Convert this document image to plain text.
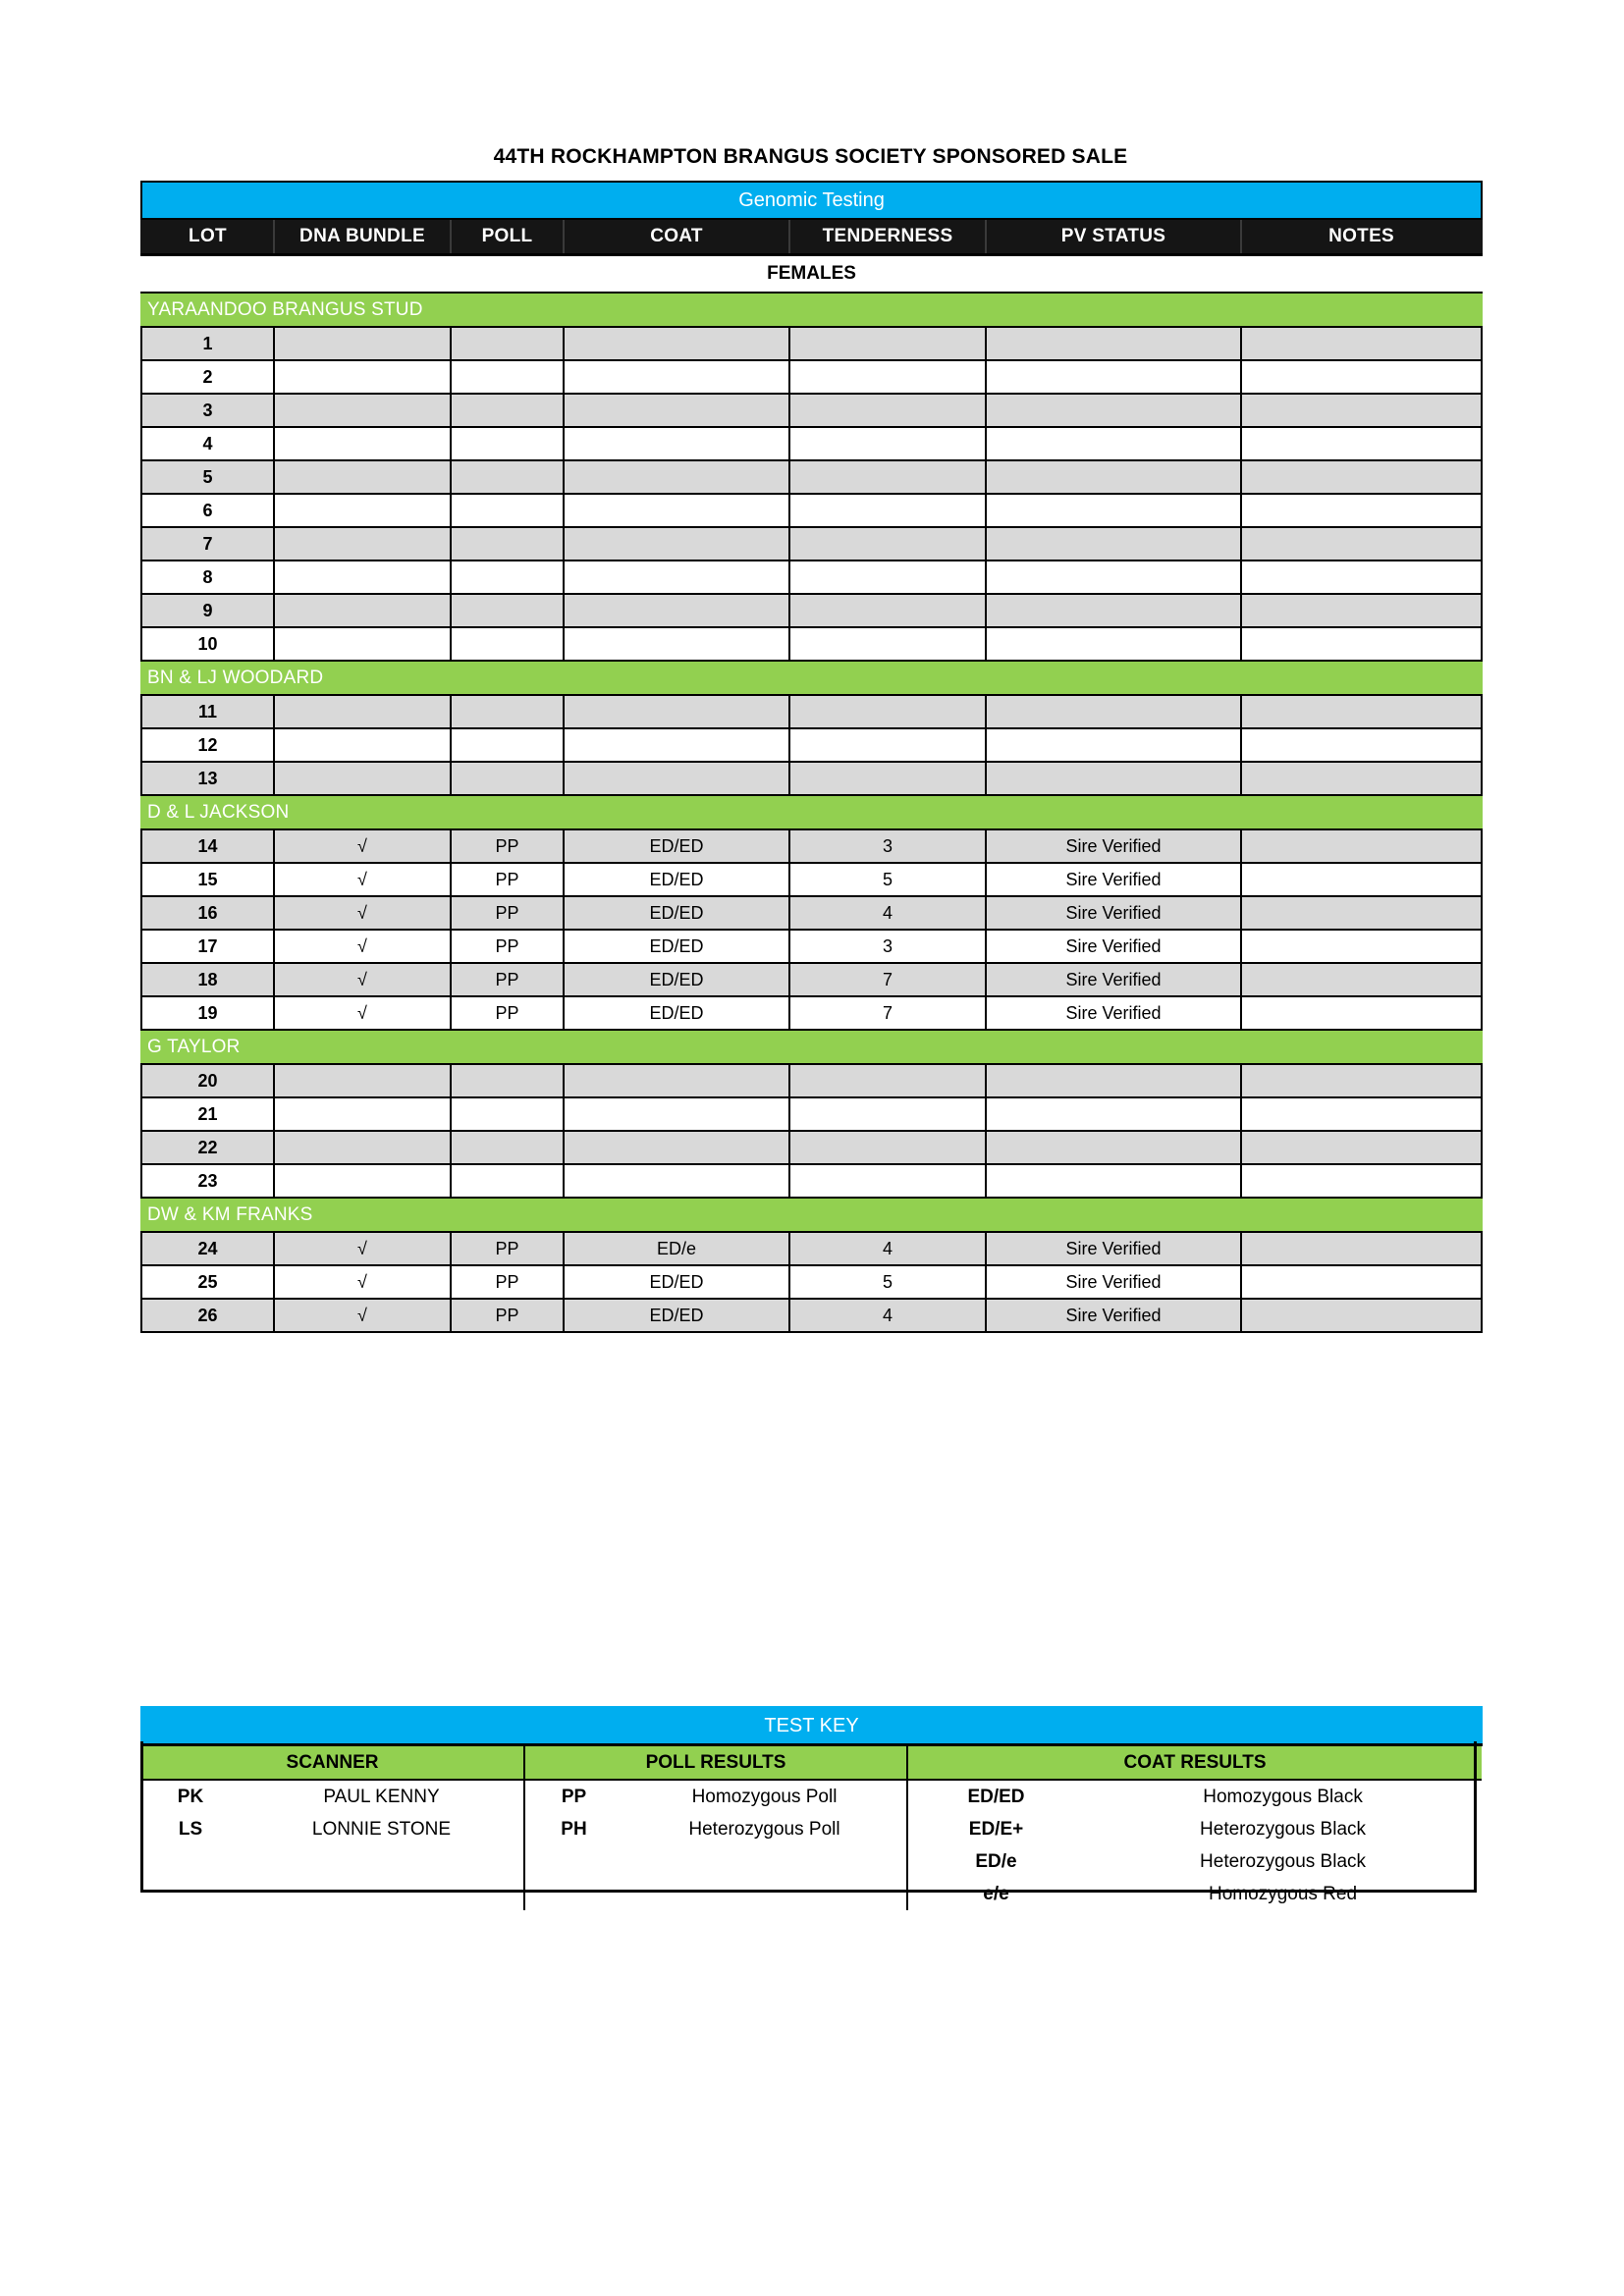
44TH ROCKHAMPTON BRANGUS SOCIETY SPONSORED SALE
Genomic Testing						
LOT	DNA BUNDLE	POLL	COAT	TENDERNESS	PV STATUS	NOTES
FEMALES						
YARAANDOO BRANGUS STUD						
1						
2						
3						
4						
5						
6						
7						
8						
9						
10						
BN & LJ WOODARD						
11						
12						
13						
D & L JACKSON						
14	√	PP	ED/ED	3	Sire Verified	
15	√	PP	ED/ED	5	Sire Verified	
16	√	PP	ED/ED	4	Sire Verified	
17	√	PP	ED/ED	3	Sire Verified	
18	√	PP	ED/ED	7	Sire Verified	
19	√	PP	ED/ED	7	Sire Verified	
G TAYLOR						
20						
21						
22						
23						
DW & KM FRANKS						
24	√	PP	ED/e	4	Sire Verified	
25	√	PP	ED/ED	5	Sire Verified	
26	√	PP	ED/ED	4	Sire Verified	
TEST KEY					
SCANNER		POLL RESULTS		COAT RESULTS	
PK	PAUL KENNY	PP	Homozygous Poll	ED/ED	Homozygous Black
LS	LONNIE STONE	PH	Heterozygous Poll	ED/E+	Heterozygous Black
				ED/e	Heterozygous Black
				e/e	Homozygous Red
